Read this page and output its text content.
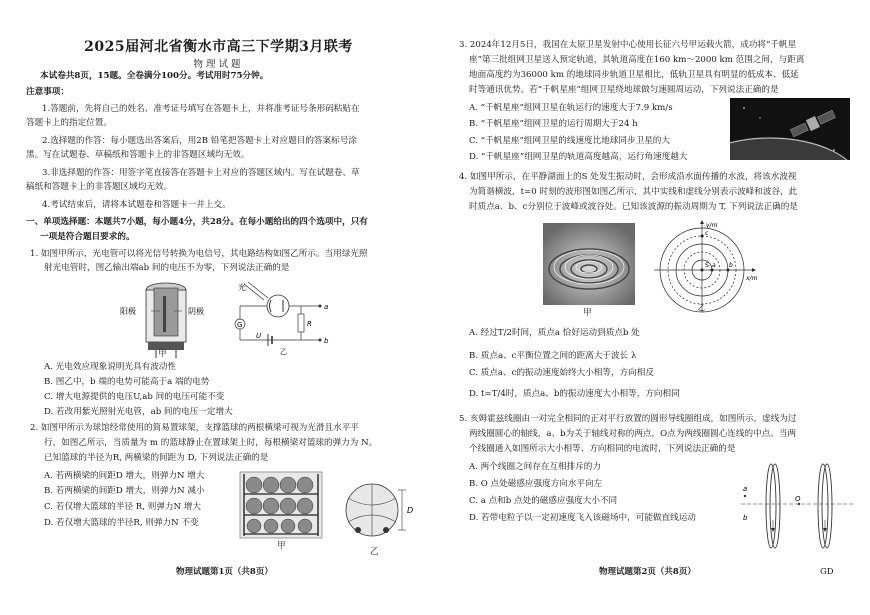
2025届河北省衡水市高三下学期3月联考
物理试题
本试卷共8页，15题。全卷满分100分。考试用时75分钟。
注意事项：
1.答题前，先将自己的姓名、准考证号填写在答题卡上，并将准考证号条形码粘贴在
答题卡上的指定位置。
2.选择题的作答：每小题选出答案后，用2B 铅笔把答题卡上对应题目的答案标号涂
黑。写在试题卷、草稿纸和答题卡上的非答题区域均无效。
3.非选择题的作答：用签字笔直接答在答题卡上对应的答题区域内。写在试题卷、草
稿纸和答题卡上的非答题区域均无效。
4.考试结束后，请将本试题卷和答题卡一并上交。
一、单项选择题：本题共7小题，每小题4分，共28分。在每小题给出的四个选项中，只有
一项是符合题目要求的。
1. 如图甲所示，光电管可以将光信号转换为电信号，其电路结构如图乙所示。当用绿光照
射光电管时，图乙输出端ab 间的电压不为零，下列说法正确的是
阳极	阴极
甲
光
G
U
R
a
b
乙
A. 光电效应现象说明光具有波动性
B. 图乙中，b 端的电势可能高于a 端的电势
C. 增大电源提供的电压U,ab 间的电压可能不变
D. 若改用紫光照射光电管，ab 间的电压一定增大
2. 如图甲所示为球馆经常使用的简易置球架，支撑篮球的两根横梁可视为光滑且水平平
行，如图乙所示，当质量为 m 的篮球静止在置球架上时，每根横梁对篮球的弹力为 N。
已知篮球的半径为R, 两横梁的间距为 D, 下列说法正确的是
A. 若两横梁的间距D 增大，则弹力N 增大
B. 若两横梁的间距D 增大，则弹力N 减小
C. 若仅增大篮球的半径 R, 则弹力N 增大
D. 若仅增大篮球的半径R, 则弹力N 不变
甲
D
乙
物理试题第1页（共8页）
3. 2024年12月5日，我国在太原卫星发射中心使用长征六号甲运载火箭，成功将“千帆星
座”第三批组网卫星送入预定轨道，其轨道高度在160 km～2000 km 范围之间，与距离
地面高度约为36000 km 的地球同步轨道卫星相比，低轨卫星具有明显的低成本、低延
时等通讯优势。若“千帆星座”组网卫星绕地球做匀速圆周运动，下列说法正确的是
A. “千帆星座”组网卫星在轨运行的速度大于7.9 km/s
B. “千帆星座”组网卫星的运行周期大于24 h
C. “千帆星座”组网卫星的线速度比地球同步卫星的大
D. “千帆星座”组网卫星的轨道高度越高，运行角速度越大
4. 如图甲所示，在平静湖面上的S 处发生振动时，会形成沿水面传播的水波，将该水波视
为简谐横波，t=0 时刻的波形图如图乙所示，其中实线和虚线分别表示波峰和波谷，此
时质点a、b、c分别位于波峰或波谷处。已知该波源的振动周期为 T, 下列说法正确的是
甲
y/m
x/m
S a b
c
乙
A. 经过T/2时间，质点a 恰好运动到质点b 处
B. 质点a、c平衡位置之间的距离大于波长 λ
C. 质点a、c的振动速度始终大小相等，方向相反
D. t=T/4时，质点a、b的振动速度大小相等，方向相同
5. 亥姆霍兹线圈由一对完全相同的正对平行放置的圆形导线圈组成，如图所示，虚线为过
两线圈圆心的轴线，a、b为关于轴线对称的两点，O点为两线圈圆心连线的中点。当两
个线圈通入如图所示大小相等、方向相同的电流时，下列说法正确的是
A. 两个线圈之间存在互相排斥的力
B. O 点处磁感应强度方向水平向左
C. a 点和b 点处的磁感应强度大小不同
D. 若带电粒子以一定初速度飞入该磁场中，可能做直线运动
a
b
O
物理试题第2页（共8页）	GD
